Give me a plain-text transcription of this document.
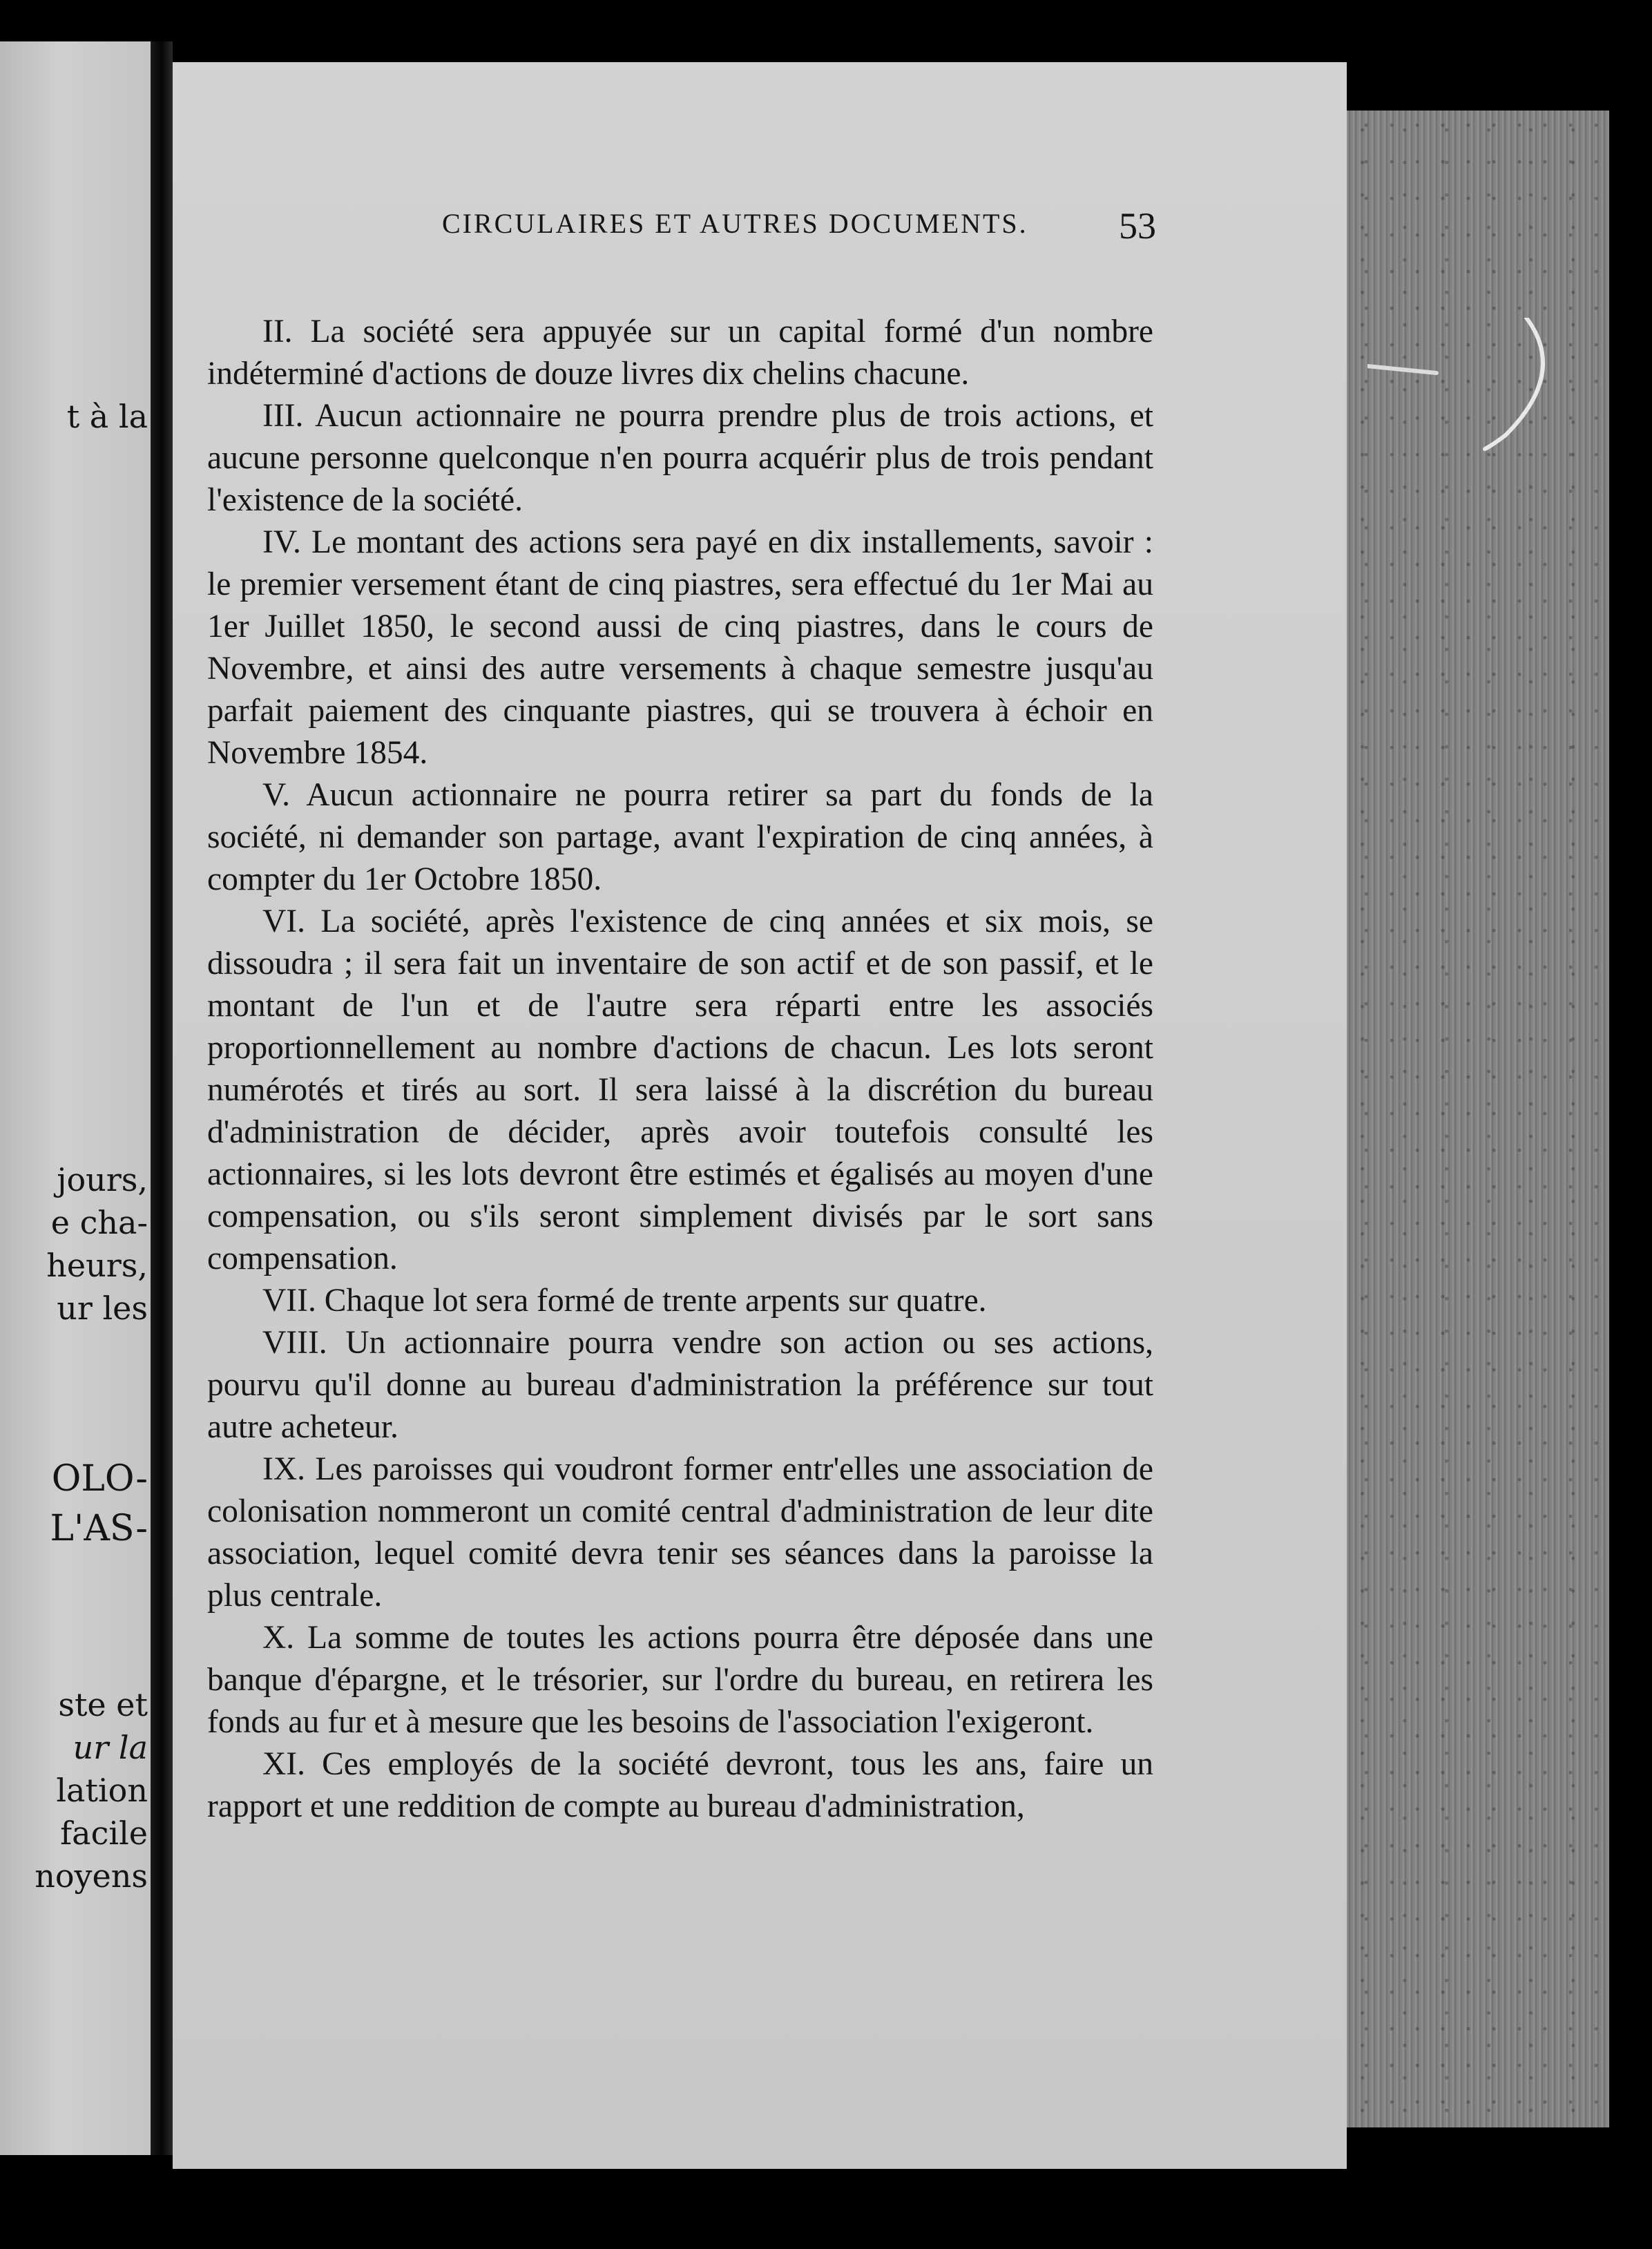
t à la
jours,
e cha-
heurs,
ur les
OLO-
L'AS-
ste et
ur la
lation
facile
noyens
CIRCULAIRES ET AUTRES DOCUMENTS. 53

II. La société sera appuyée sur un capital formé d'un nombre indéterminé d'actions de douze livres dix chelins chacune.

III. Aucun actionnaire ne pourra prendre plus de trois actions, et aucune personne quelconque n'en pourra acquérir plus de trois pendant l'existence de la société.

IV. Le montant des actions sera payé en dix installements, savoir : le premier versement étant de cinq piastres, sera effectué du 1er Mai au 1er Juillet 1850, le second aussi de cinq piastres, dans le cours de Novembre, et ainsi des autre versements à chaque semestre jusqu'au parfait paiement des cinquante piastres, qui se trouvera à échoir en Novembre 1854.

V. Aucun actionnaire ne pourra retirer sa part du fonds de la société, ni demander son partage, avant l'expiration de cinq années, à compter du 1er Octobre 1850.

VI. La société, après l'existence de cinq années et six mois, se dissoudra ; il sera fait un inventaire de son actif et de son passif, et le montant de l'un et de l'autre sera réparti entre les associés proportionnellement au nombre d'actions de chacun. Les lots seront numérotés et tirés au sort. Il sera laissé à la discrétion du bureau d'administration de décider, après avoir toutefois consulté les actionnaires, si les lots devront être estimés et égalisés au moyen d'une compensation, ou s'ils seront simplement divisés par le sort sans compensation.

VII. Chaque lot sera formé de trente arpents sur quatre.

VIII. Un actionnaire pourra vendre son action ou ses actions, pourvu qu'il donne au bureau d'administration la préférence sur tout autre acheteur.

IX. Les paroisses qui voudront former entr'elles une association de colonisation nommeront un comité central d'administration de leur dite association, lequel comité devra tenir ses séances dans la paroisse la plus centrale.

X. La somme de toutes les actions pourra être déposée dans une banque d'épargne, et le trésorier, sur l'ordre du bureau, en retirera les fonds au fur et à mesure que les besoins de l'association l'exigeront.

XI. Ces employés de la société devront, tous les ans, faire un rapport et une reddition de compte au bureau d'administration,
